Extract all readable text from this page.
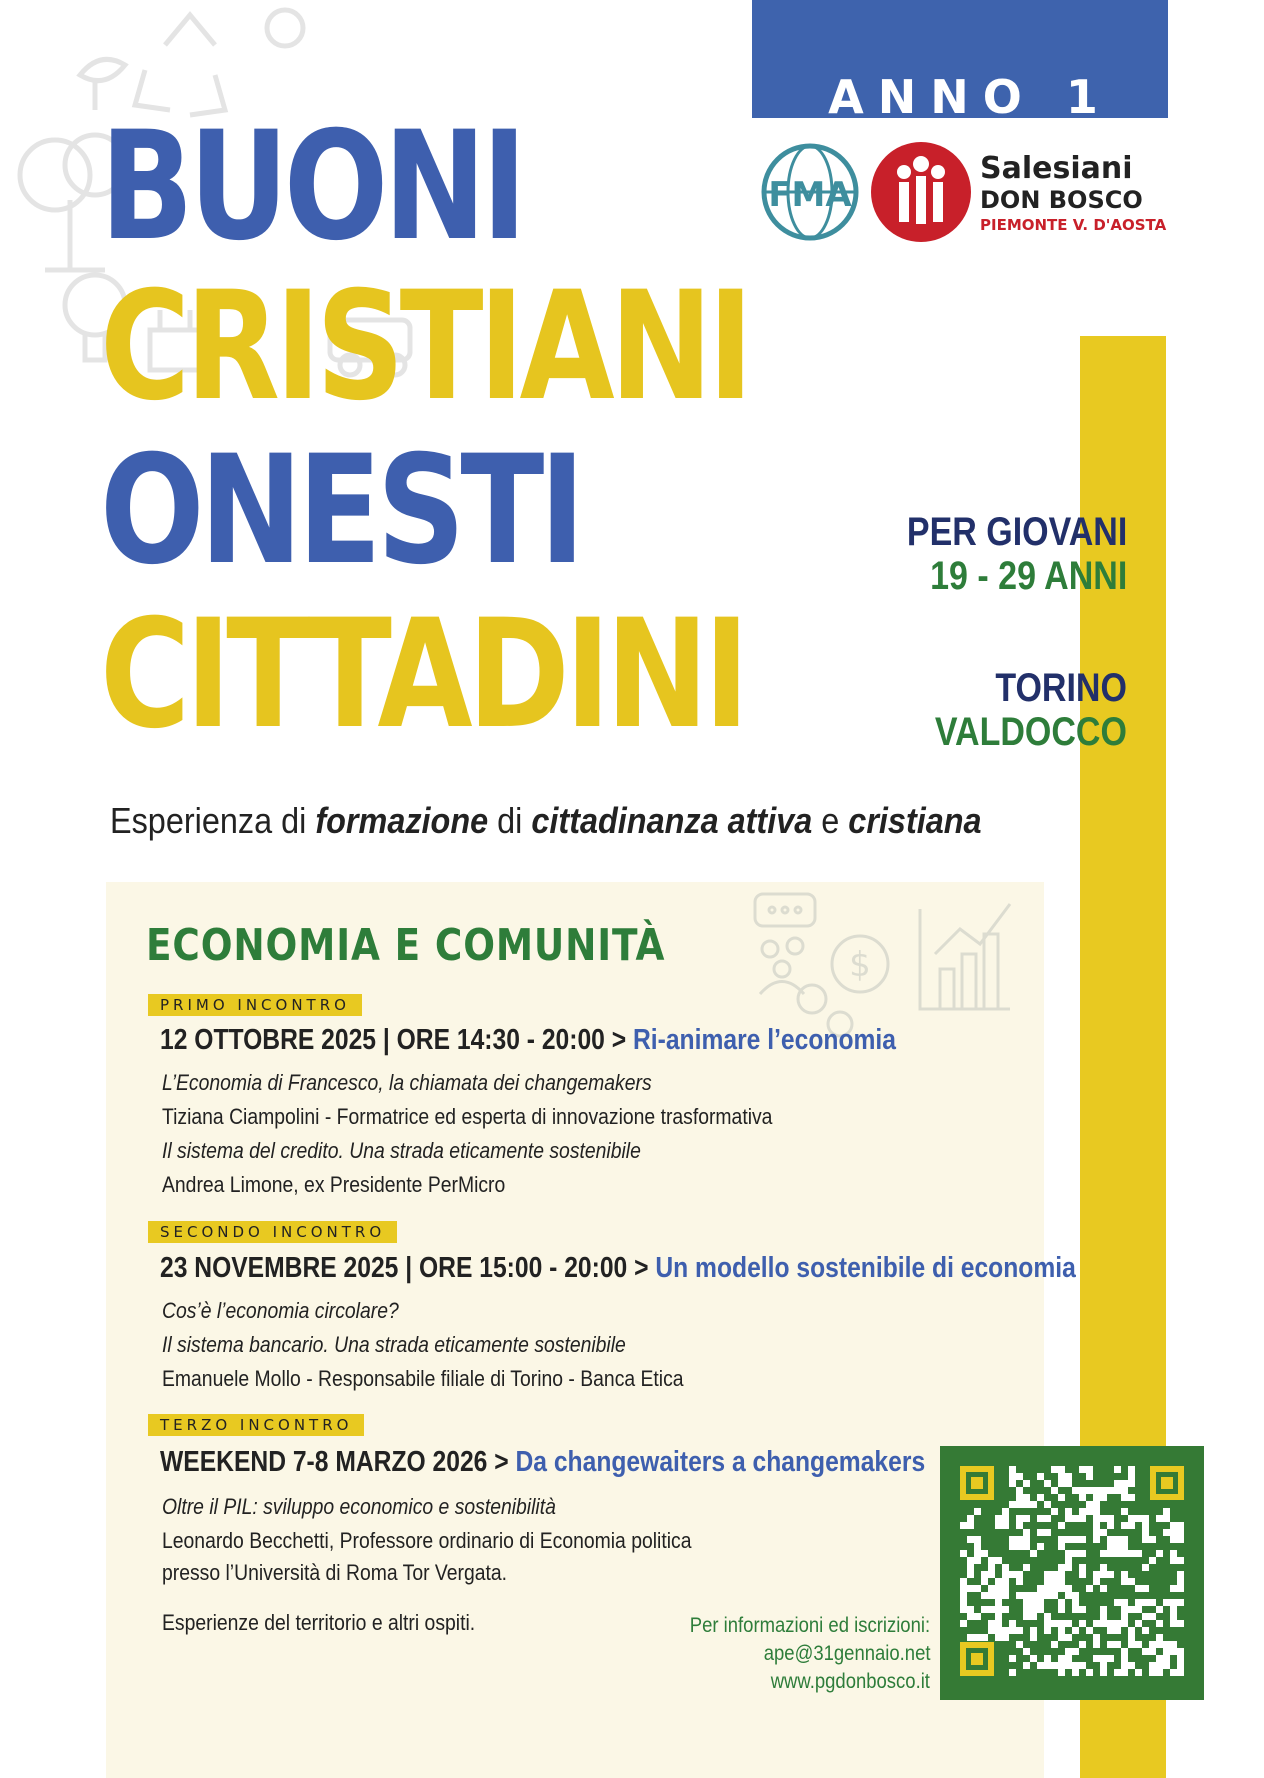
ANNO 1
FMA
Salesiani
DON BOSCO
PIEMONTE V. D'AOSTA
BUONI
CRISTIANI
ONESTI
CITTADINI
PER GIOVANI
19 - 29 ANNI
TORINO
VALDOCCO
Esperienza di formazione di cittadinanza attiva e cristiana
$
ECONOMIA E COMUNITÀ
PRIMO INCONTRO
12 OTTOBRE 2025 | ORE 14:30 - 20:00 > Ri-animare l’economia
L’Economia di Francesco, la chiamata dei changemakers
Tiziana Ciampolini - Formatrice ed esperta di innovazione trasformativa
Il sistema del credito. Una strada eticamente sostenibile
Andrea Limone, ex Presidente PerMicro
SECONDO INCONTRO
23 NOVEMBRE 2025 | ORE 15:00 - 20:00 > Un modello sostenibile di economia
Cos’è l’economia circolare?
Il sistema bancario. Una strada eticamente sostenibile
Emanuele Mollo - Responsabile filiale di Torino - Banca Etica
TERZO INCONTRO
WEEKEND 7-8 MARZO 2026 > Da changewaiters a changemakers
Oltre il PIL: sviluppo economico e sostenibilità
Leonardo Becchetti, Professore ordinario di Economia politica
presso l’Università di Roma Tor Vergata.
Esperienze del territorio e altri ospiti.	Per informazioni ed iscrizioni:
ape@31gennaio.net
www.pgdonbosco.it
